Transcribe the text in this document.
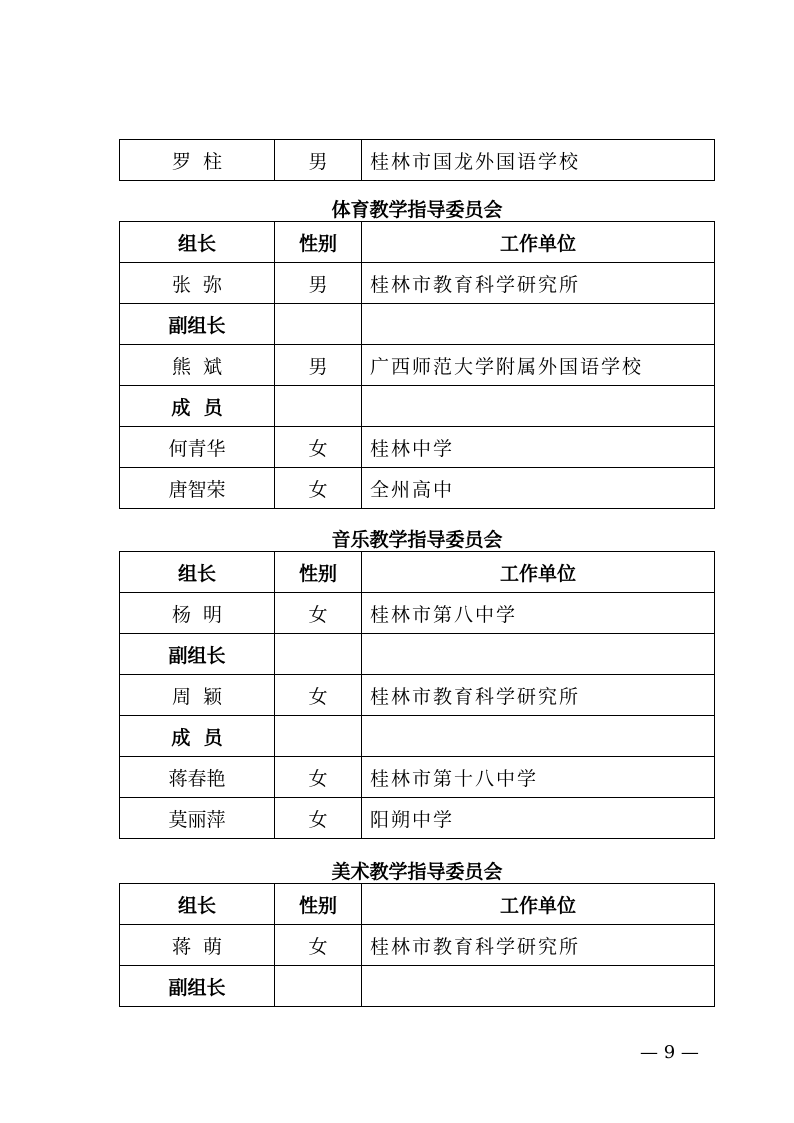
罗  柱	男	桂林市国龙外国语学校
体育教学指导委员会
组长	性别	工作单位
张  弥	男	桂林市教育科学研究所
副组长		
熊  斌	男	广西师范大学附属外国语学校
成  员		
何青华	女	桂林中学
唐智荣	女	全州高中
音乐教学指导委员会
组长	性别	工作单位
杨  明	女	桂林市第八中学
副组长		
周  颖	女	桂林市教育科学研究所
成  员		
蒋春艳	女	桂林市第十八中学
莫丽萍	女	阳朔中学
美术教学指导委员会
组长	性别	工作单位
蒋  萌	女	桂林市教育科学研究所
副组长		
— 9 —
